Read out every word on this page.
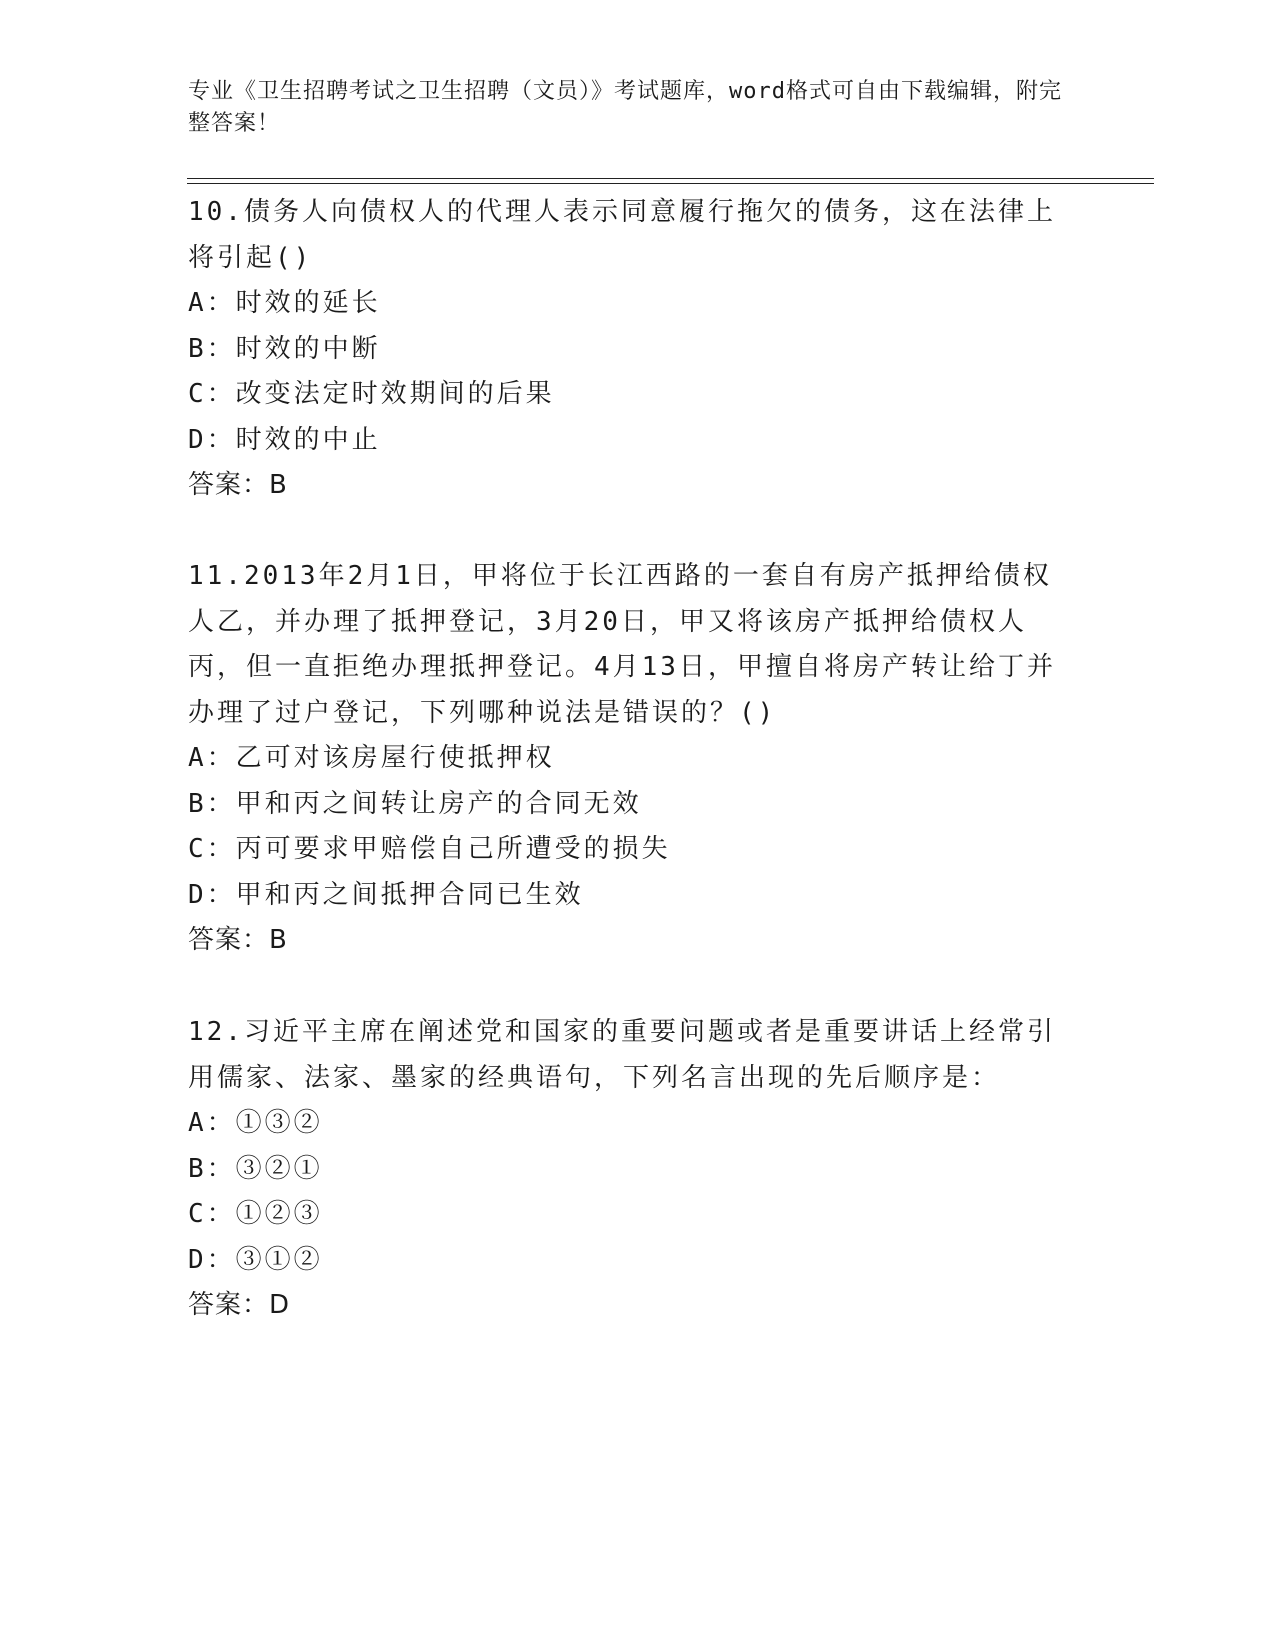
专业《卫生招聘考试之卫生招聘（文员）》考试题库，word格式可自由下载编辑，附完整答案！

10.债务人向债权人的代理人表示同意履行拖欠的债务，这在法律上将引起()

A：时效的延长

B：时效的中断

C：改变法定时效期间的后果

D：时效的中止

答案：B

11.2013年2月1日，甲将位于长江西路的一套自有房产抵押给债权人乙，并办理了抵押登记，3月20日，甲又将该房产抵押给债权人丙，但一直拒绝办理抵押登记。4月13日，甲擅自将房产转让给丁并办理了过户登记，下列哪种说法是错误的？()

A：乙可对该房屋行使抵押权

B：甲和丙之间转让房产的合同无效

C：丙可要求甲赔偿自己所遭受的损失

D：甲和丙之间抵押合同已生效

答案：B

12.习近平主席在阐述党和国家的重要问题或者是重要讲话上经常引用儒家、法家、墨家的经典语句，下列名言出现的先后顺序是：

A：①③②

B：③②①

C：①②③

D：③①②

答案：D
